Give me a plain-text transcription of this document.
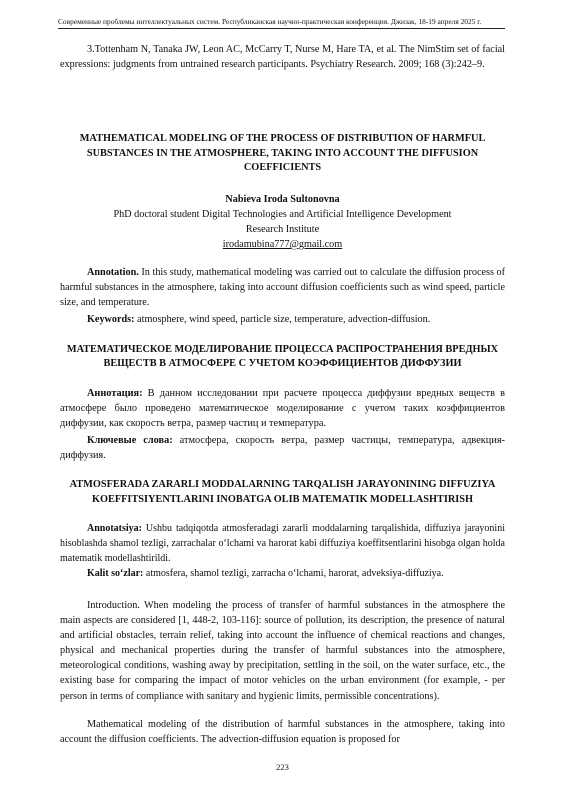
Современные проблемы интеллектуальных систем. Республиканская научно-практическая конференция. Джизак, 18-19 апреля 2025 г.
3.Tottenham N, Tanaka JW, Leon AC, McCarry T, Nurse M, Hare TA, et al. The NimStim set of facial expressions: judgments from untrained research participants. Psychiatry Research. 2009; 168 (3):242–9.
MATHEMATICAL MODELING OF THE PROCESS OF DISTRIBUTION OF HARMFUL SUBSTANCES IN THE ATMOSPHERE, TAKING INTO ACCOUNT THE DIFFUSION COEFFICIENTS
Nabieva Iroda Sultonovna
PhD doctoral student Digital Technologies and Artificial Intelligence Development Research Institute
irodamubina777@gmail.com
Annotation. In this study, mathematical modeling was carried out to calculate the diffusion process of harmful substances in the atmosphere, taking into account diffusion coefficients such as wind speed, particle size, and temperature.
Keywords: atmosphere, wind speed, particle size, temperature, advection-diffusion.
МАТЕМАТИЧЕСКОЕ МОДЕЛИРОВАНИЕ ПРОЦЕССА РАСПРОСТРАНЕНИЯ ВРЕДНЫХ ВЕЩЕСТВ В АТМОСФЕРЕ С УЧЕТОМ КОЭФФИЦИЕНТОВ ДИФФУЗИИ
Аннотация: В данном исследовании при расчете процесса диффузии вредных веществ в атмосфере было проведено математическое моделирование с учетом таких коэффициентов диффузии, как скорость ветра, размер частиц и температура.
Ключевые слова: атмосфера, скорость ветра, размер частицы, температура, адвекция-диффузия.
ATMOSFERADA ZARARLI MODDALARNING TARQALISH JARAYONINING DIFFUZIYA KOEFFITSIYENTLARINI INOBATGA OLIB MATEMATIK MODELLASHTIRISH
Annotatsiya: Ushbu tadqiqotda atmosferadagi zararli moddalarning tarqalishida, diffuziya jarayonini hisoblashda shamol tezligi, zarrachalar oʻlchami va harorat kabi diffuziya koeffitsentlarini hisobga olgan holda matematik modellashtirildi.
Kalit soʻzlar: atmosfera, shamol tezligi, zarracha oʻlchami, harorat, adveksiya-diffuziya.
Introduction. When modeling the process of transfer of harmful substances in the atmosphere the main aspects are considered [1, 448-2, 103-116]: source of pollution, its description, the presence of natural and artificial obstacles, terrain relief, taking into account the influence of chemical reactions and changes, physical and mechanical properties during the transfer of harmful substances into the atmosphere, meteorological conditions, washing away by precipitation, settling in the soil, on the water surface, etc., the existing base for comparing the impact of motor vehicles on the urban environment (for example, - per person in terms of compliance with sanitary and hygienic limits, permissible concentrations).
Mathematical modeling of the distribution of harmful substances in the atmosphere, taking into account the diffusion coefficients. The advection-diffusion equation is proposed for
223
